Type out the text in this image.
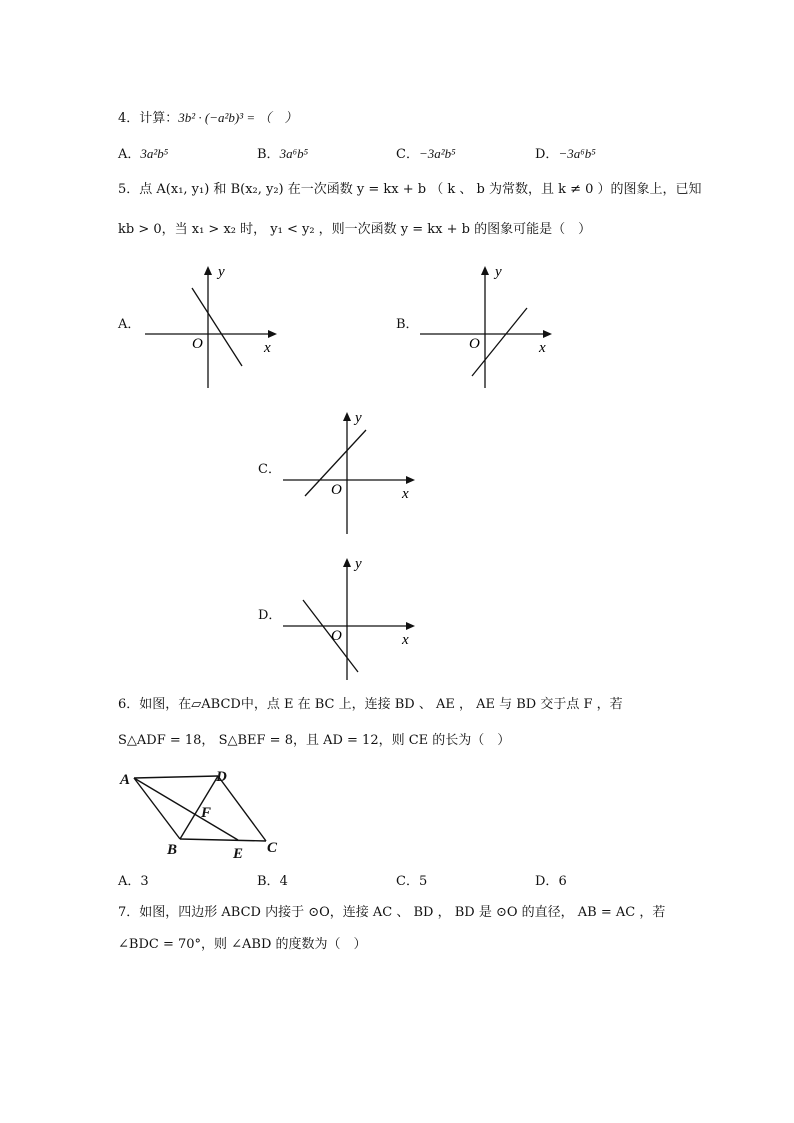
4．计算：3b² · (−a²b)³ = （　）
A．3a²b⁵	B．3a⁶b⁵	C．−3a²b⁵	D．−3a⁶b⁵
5．点 A(x₁, y₁) 和 B(x₂, y₂) 在一次函数 y = kx + b （ k 、 b 为常数，且 k ≠ 0 ）的图象上，已知
kb > 0，当 x₁ > x₂ 时， y₁ < y₂ ，则一次函数 y = kx + b 的图象可能是（　）
A．
y
x
O
B．
y
x
O
C．
y
x
O
D．
y
x
O
6．如图，在▱ABCD中，点 E 在 BC 上，连接 BD 、 AE ， AE 与 BD 交于点 F ，若
S△ADF = 18， S△BEF = 8，且 AD = 12，则 CE 的长为（　）
A	D
F
B	E C
A．3	B．4	C．5	D．6
7．如图，四边形 ABCD 内接于 ⊙O，连接 AC 、 BD ， BD 是 ⊙O 的直径， AB = AC ，若
∠BDC = 70°，则 ∠ABD 的度数为（　）
